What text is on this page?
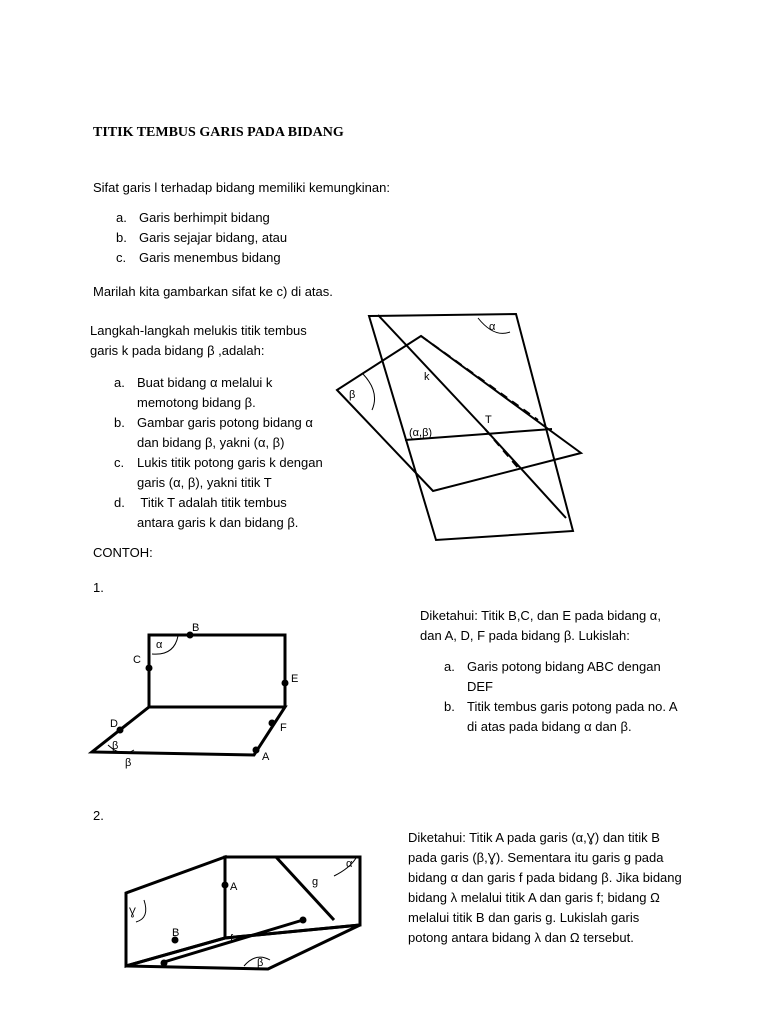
TITIK TEMBUS GARIS PADA BIDANG
Sifat garis l terhadap bidang memiliki kemungkinan:
a. Garis berhimpit bidang
b. Garis sejajar bidang, atau
c. Garis menembus bidang
Marilah kita gambarkan sifat ke c) di atas.
Langkah-langkah melukis titik tembus
garis k pada bidang β ,adalah:
a. Buat bidang α melalui k
memotong bidang β.
b. Gambar garis potong bidang α
dan bidang β, yakni (α, β)
c. Lukis titik potong garis k dengan
garis (α, β), yakni titik T
d. Titik T adalah titik tembus
antara garis k dan bidang β.
α
β
k
T
(α,β)
CONTOH:
1.
B
C
E
D	F
A
α
β
β
Diketahui: Titik B,C, dan E pada bidang α,
dan A, D, F pada bidang β. Lukislah:
a. Garis potong bidang ABC dengan
DEF
b. Titik tembus garis potong pada no. A
di atas pada bidang α dan β.
2.
A
B
g
f
α
Ɣ
β
Diketahui: Titik A pada garis (α,Ɣ) dan titik B
pada garis (β,Ɣ). Sementara itu garis g pada
bidang α dan garis f pada bidang β. Jika bidang
bidang λ melalui titik A dan garis f; bidang Ω
melalui titik B dan garis g. Lukislah garis
potong antara bidang λ dan Ω tersebut.
